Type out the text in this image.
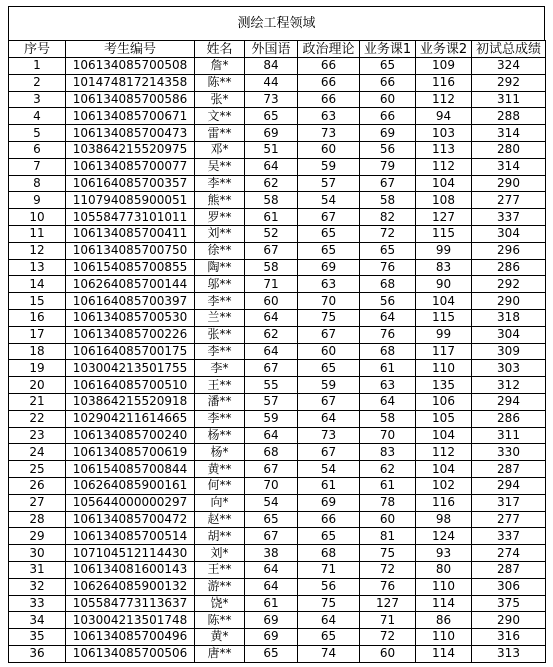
测绘工程领域
序号	考生编号	姓名	外国语	政治理论	业务课1	业务课2	初试总成绩
1	106134085700508	詹*	84	66	65	109	324
2	101474817214358	陈**	44	66	66	116	292
3	106134085700586	张*	73	66	60	112	311
4	106134085700671	文**	65	63	66	94	288
5	106134085700473	雷**	69	73	69	103	314
6	103864215520975	邓*	51	60	56	113	280
7	106134085700077	吴**	64	59	79	112	314
8	106164085700357	李**	62	57	67	104	290
9	110794085900051	熊**	58	54	58	108	277
10	105584773101011	罗**	61	67	82	127	337
11	106134085700411	刘**	52	65	72	115	304
12	106134085700750	徐**	67	65	65	99	296
13	106154085700855	陶**	58	69	76	83	286
14	106264085700144	邬**	71	63	68	90	292
15	106164085700397	李**	60	70	56	104	290
16	106134085700530	兰**	64	75	64	115	318
17	106134085700226	张**	62	67	76	99	304
18	106164085700175	李**	64	60	68	117	309
19	103004213501755	李*	67	65	61	110	303
20	106164085700510	王**	55	59	63	135	312
21	103864215520918	潘**	57	67	64	106	294
22	102904211614665	李**	59	64	58	105	286
23	106134085700240	杨**	64	73	70	104	311
24	106134085700619	杨*	68	67	83	112	330
25	106154085700844	黄**	67	54	62	104	287
26	106264085900161	何**	70	61	61	102	294
27	105644000000297	向*	54	69	78	116	317
28	106134085700472	赵**	65	66	60	98	277
29	106134085700514	胡**	67	65	81	124	337
30	107104512114430	刘*	38	68	75	93	274
31	106134081600143	王**	64	71	72	80	287
32	106264085900132	游**	64	56	76	110	306
33	105584773113637	饶*	61	75	127	114	375
34	103004213501748	陈**	69	64	71	86	290
35	106134085700496	黄*	69	65	72	110	316
36	106134085700506	唐**	65	74	60	114	313
